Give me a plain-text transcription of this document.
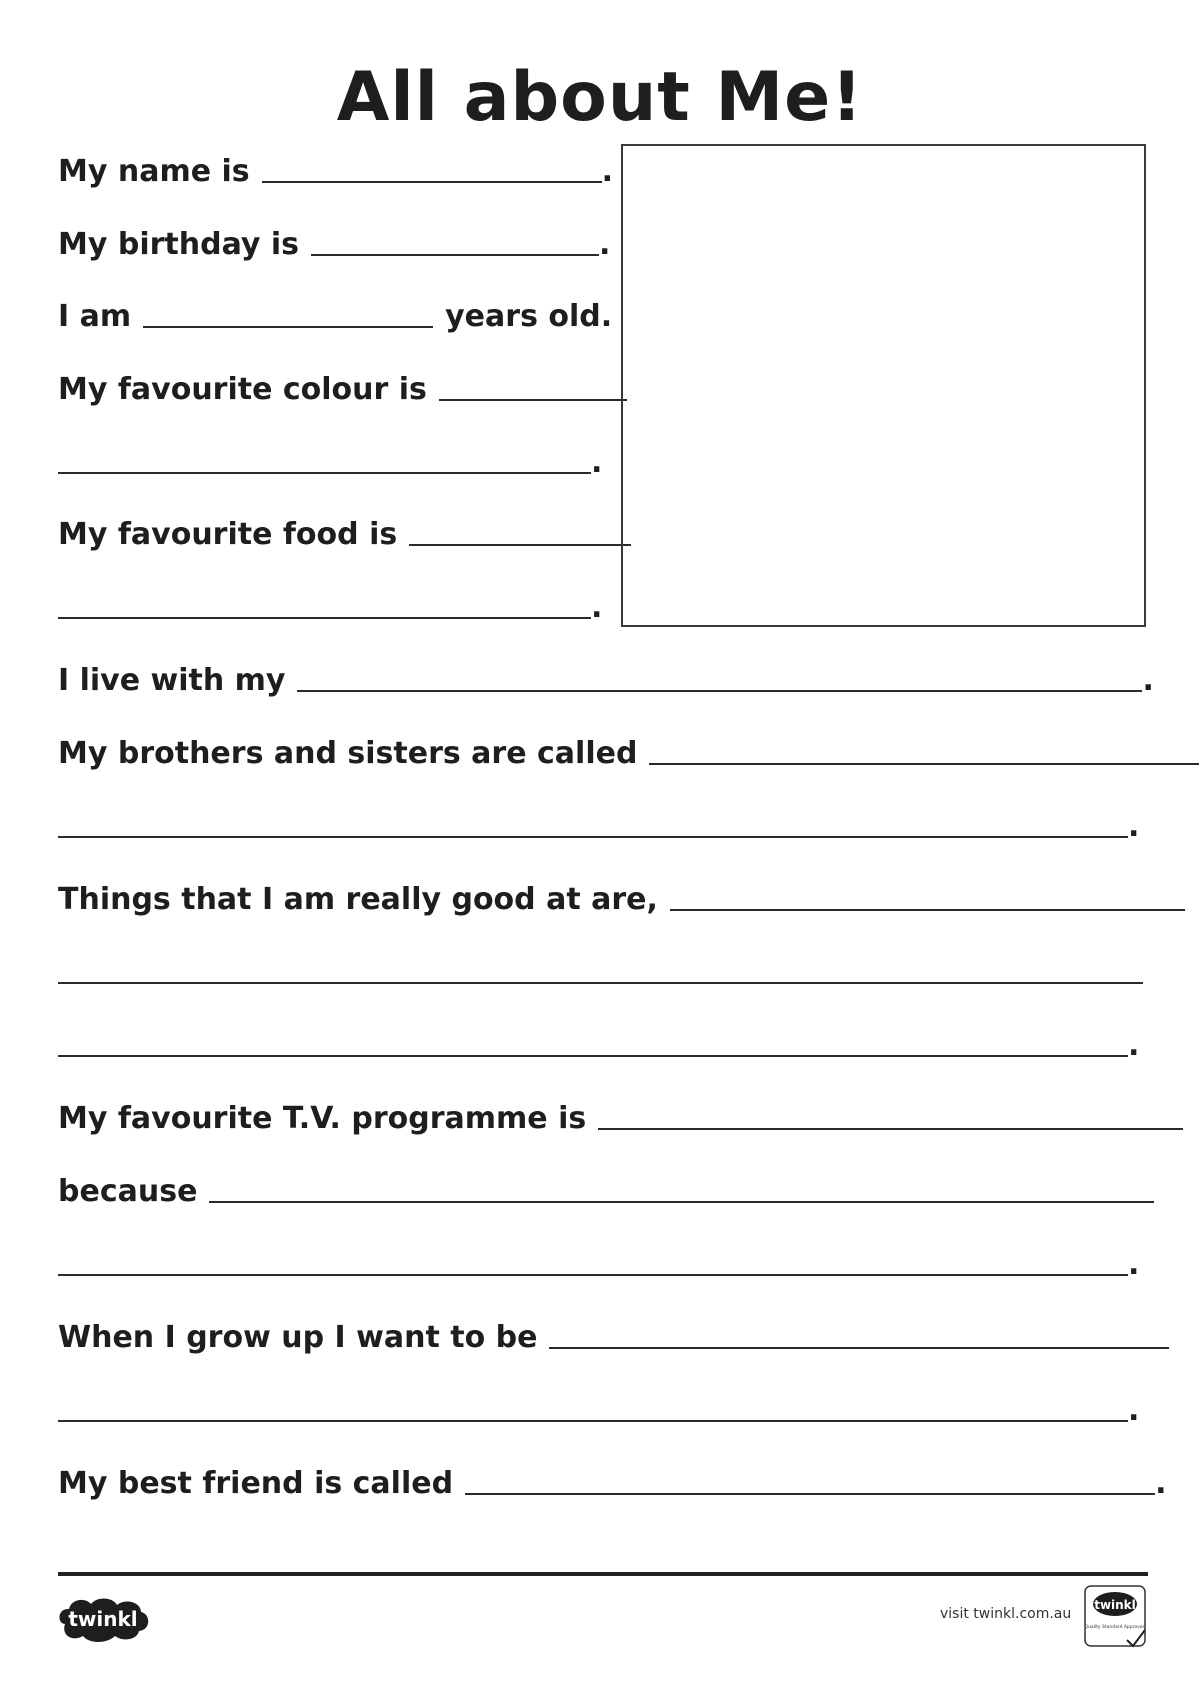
All about Me!
My name is	.
My birthday is	.
I am	years old.
My favourite colour is
.
My favourite food is
.
I live with my	.
My brothers and sisters are called
.
Things that I am really good at are,
.
My favourite T.V. programme is
because
.
When I grow up I want to be
.
My best friend is called	.
twinkl	visit twinkl.com.au
twinkl
Quality Standard Approved
